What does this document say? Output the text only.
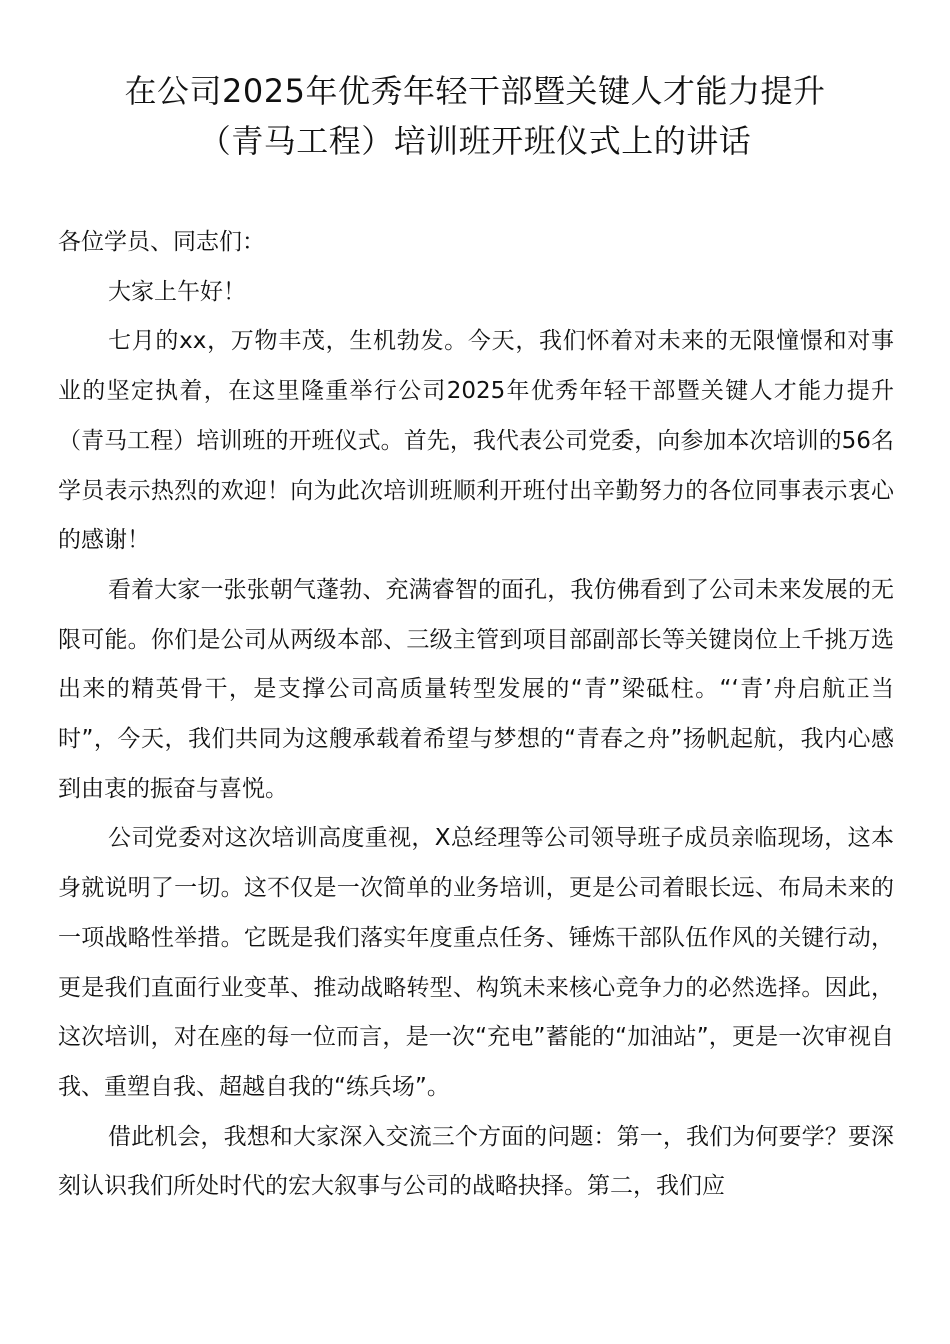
在公司2025年优秀年轻干部暨关键人才能力提升
（青马工程）培训班开班仪式上的讲话

各位学员、同志们：

大家上午好！

七月的xx，万物丰茂，生机勃发。今天，我们怀着对未来的无限憧憬和对事业的坚定执着，在这里隆重举行公司2025年优秀年轻干部暨关键人才能力提升（青马工程）培训班的开班仪式。首先，我代表公司党委，向参加本次培训的56名学员表示热烈的欢迎！向为此次培训班顺利开班付出辛勤努力的各位同事表示衷心的感谢！

看着大家一张张朝气蓬勃、充满睿智的面孔，我仿佛看到了公司未来发展的无限可能。你们是公司从两级本部、三级主管到项目部副部长等关键岗位上千挑万选出来的精英骨干，是支撑公司高质量转型发展的“青”梁砥柱。“‘青’舟启航正当时”，今天，我们共同为这艘承载着希望与梦想的“青春之舟”扬帆起航，我内心感到由衷的振奋与喜悦。

公司党委对这次培训高度重视，X总经理等公司领导班子成员亲临现场，这本身就说明了一切。这不仅是一次简单的业务培训，更是公司着眼长远、布局未来的一项战略性举措。它既是我们落实年度重点任务、锤炼干部队伍作风的关键行动，更是我们直面行业变革、推动战略转型、构筑未来核心竞争力的必然选择。因此，这次培训，对在座的每一位而言，是一次“充电”蓄能的“加油站”，更是一次审视自我、重塑自我、超越自我的“练兵场”。

借此机会，我想和大家深入交流三个方面的问题：第一，我们为何要学？要深刻认识我们所处时代的宏大叙事与公司的战略抉择。第二，我们应
